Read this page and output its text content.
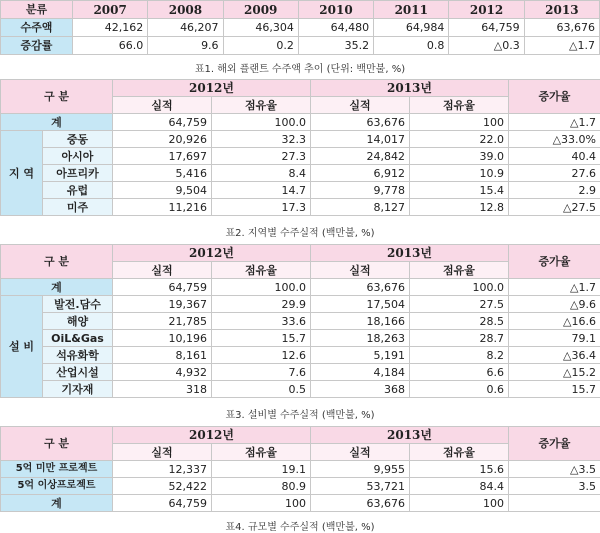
분류	2007	2008	2009	2010	2011	2012	2013
수주액	42,162	46,207	46,304	64,480	64,984	64,759	63,676
증감률	66.0	9.6	0.2	35.2	0.8	△0.3	△1.7
표1. 해외 플랜트 수주액 추이 (단위: 백만불, %)
구 분		2012년		2013년		증가율
		실적	점유율	실적	점유율	
계		64,759	100.0	63,676	100	△1.7
지 역	중동	20,926	32.3	14,017	22.0	△33.0%
	아시아	17,697	27.3	24,842	39.0	40.4
	아프리카	5,416	8.4	6,912	10.9	27.6
	유럽	9,504	14.7	9,778	15.4	2.9
	미주	11,216	17.3	8,127	12.8	△27.5
표2. 지역별 수주실적 (백만불, %)
구 분		2012년		2013년		증가율
		실적	점유율	실적	점유율	
계		64,759	100.0	63,676	100.0	△1.7
설 비	발전.담수	19,367	29.9	17,504	27.5	△9.6
	해양	21,785	33.6	18,166	28.5	△16.6
	OiL&Gas	10,196	15.7	18,263	28.7	79.1
	석유화학	8,161	12.6	5,191	8.2	△36.4
	산업시설	4,932	7.6	4,184	6.6	△15.2
	기자재	318	0.5	368	0.6	15.7
표3. 설비별 수주실적 (백만불, %)
구 분	2012년		2013년		증가율
	실적	점유율	실적	점유율	
5억 미만 프로젝트	12,337	19.1	9,955	15.6	△3.5
5억 이상프로젝트	52,422	80.9	53,721	84.4	3.5
계	64,759	100	63,676	100	
표4. 규모별 수주실적 (백만불, %)
